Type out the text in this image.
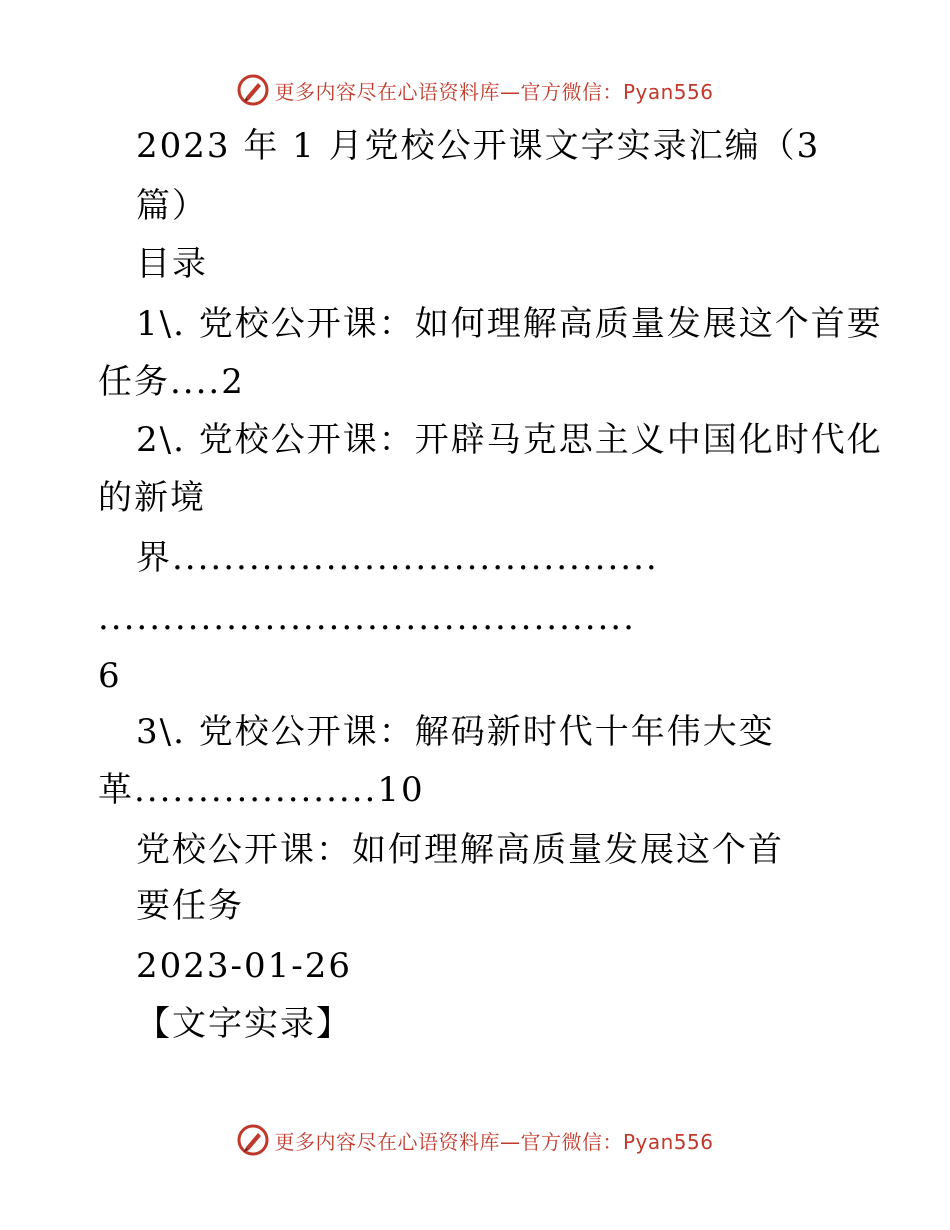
更多内容尽在心语资料库—官方微信：Pyan556
2023 年 1 月党校公开课文字实录汇编（3
篇）
目录
1\. 党校公开课：如何理解高质量发展这个首要
任务....2
2\. 党校公开课：开辟马克思主义中国化时代化
的新境
界......................................
..........................................
6
3\. 党校公开课：解码新时代十年伟大变
革...................10
党校公开课：如何理解高质量发展这个首
要任务
2023-01-26
【文字实录】
更多内容尽在心语资料库—官方微信：Pyan556
